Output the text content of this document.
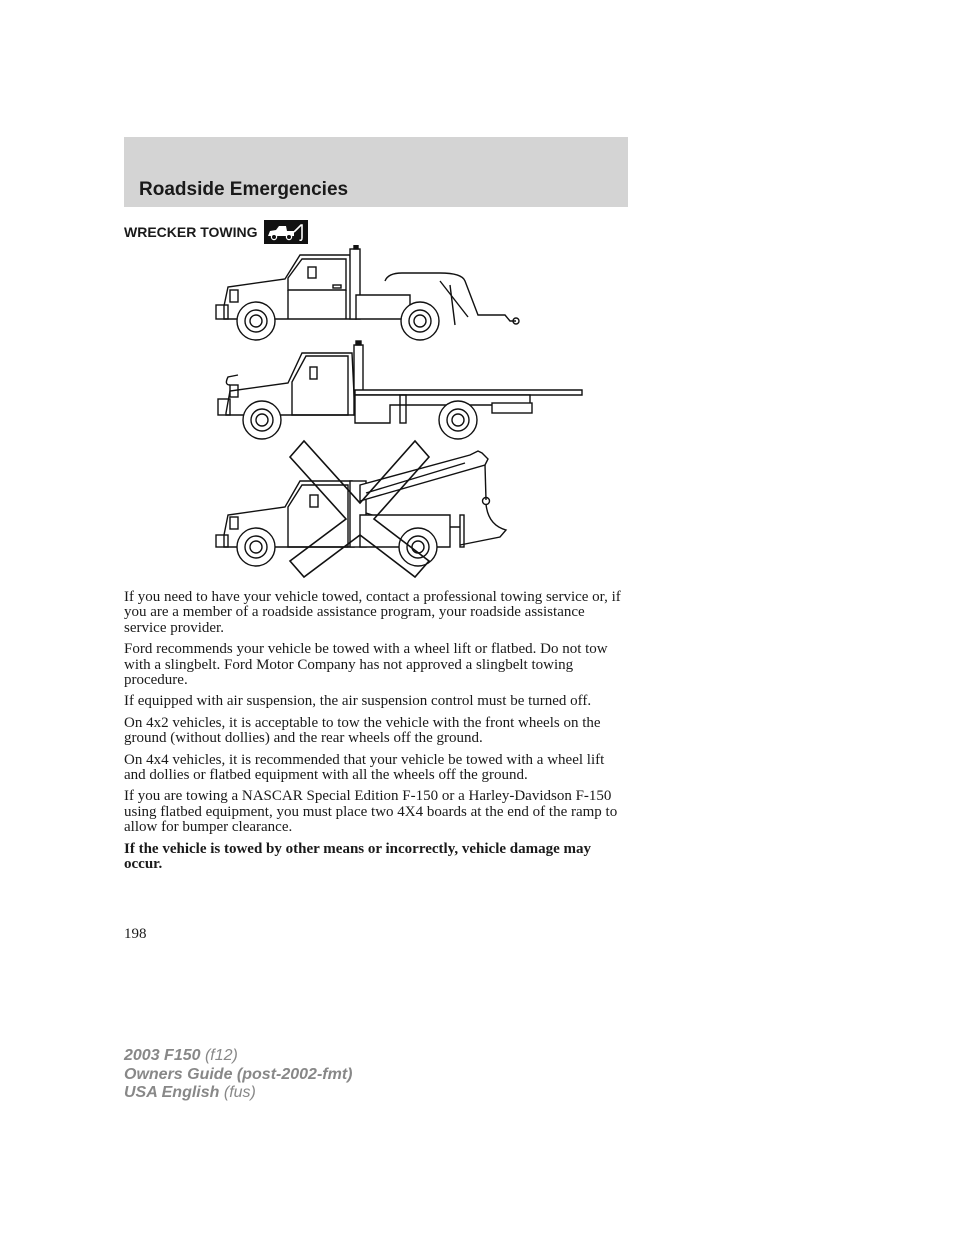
Roadside Emergencies
WRECKER TOWING

If you need to have your vehicle towed, contact a professional towing service or, if you are a member of a roadside assistance program, your roadside assistance service provider.

Ford recommends your vehicle be towed with a wheel lift or flatbed. Do not tow with a slingbelt. Ford Motor Company has not approved a slingbelt towing procedure.

If equipped with air suspension, the air suspension control must be turned off.

On 4x2 vehicles, it is acceptable to tow the vehicle with the front wheels on the ground (without dollies) and the rear wheels off the ground.

On 4x4 vehicles, it is recommended that your vehicle be towed with a wheel lift and dollies or flatbed equipment with all the wheels off the ground.

If you are towing a NASCAR Special Edition F-150 or a Harley-Davidson F-150 using flatbed equipment, you must place two 4X4 boards at the end of the ramp to allow for bumper clearance.

If the vehicle is towed by other means or incorrectly, vehicle damage may occur.

198
2003 F150 (f12)
Owners Guide (post-2002-fmt)
USA English (fus)
